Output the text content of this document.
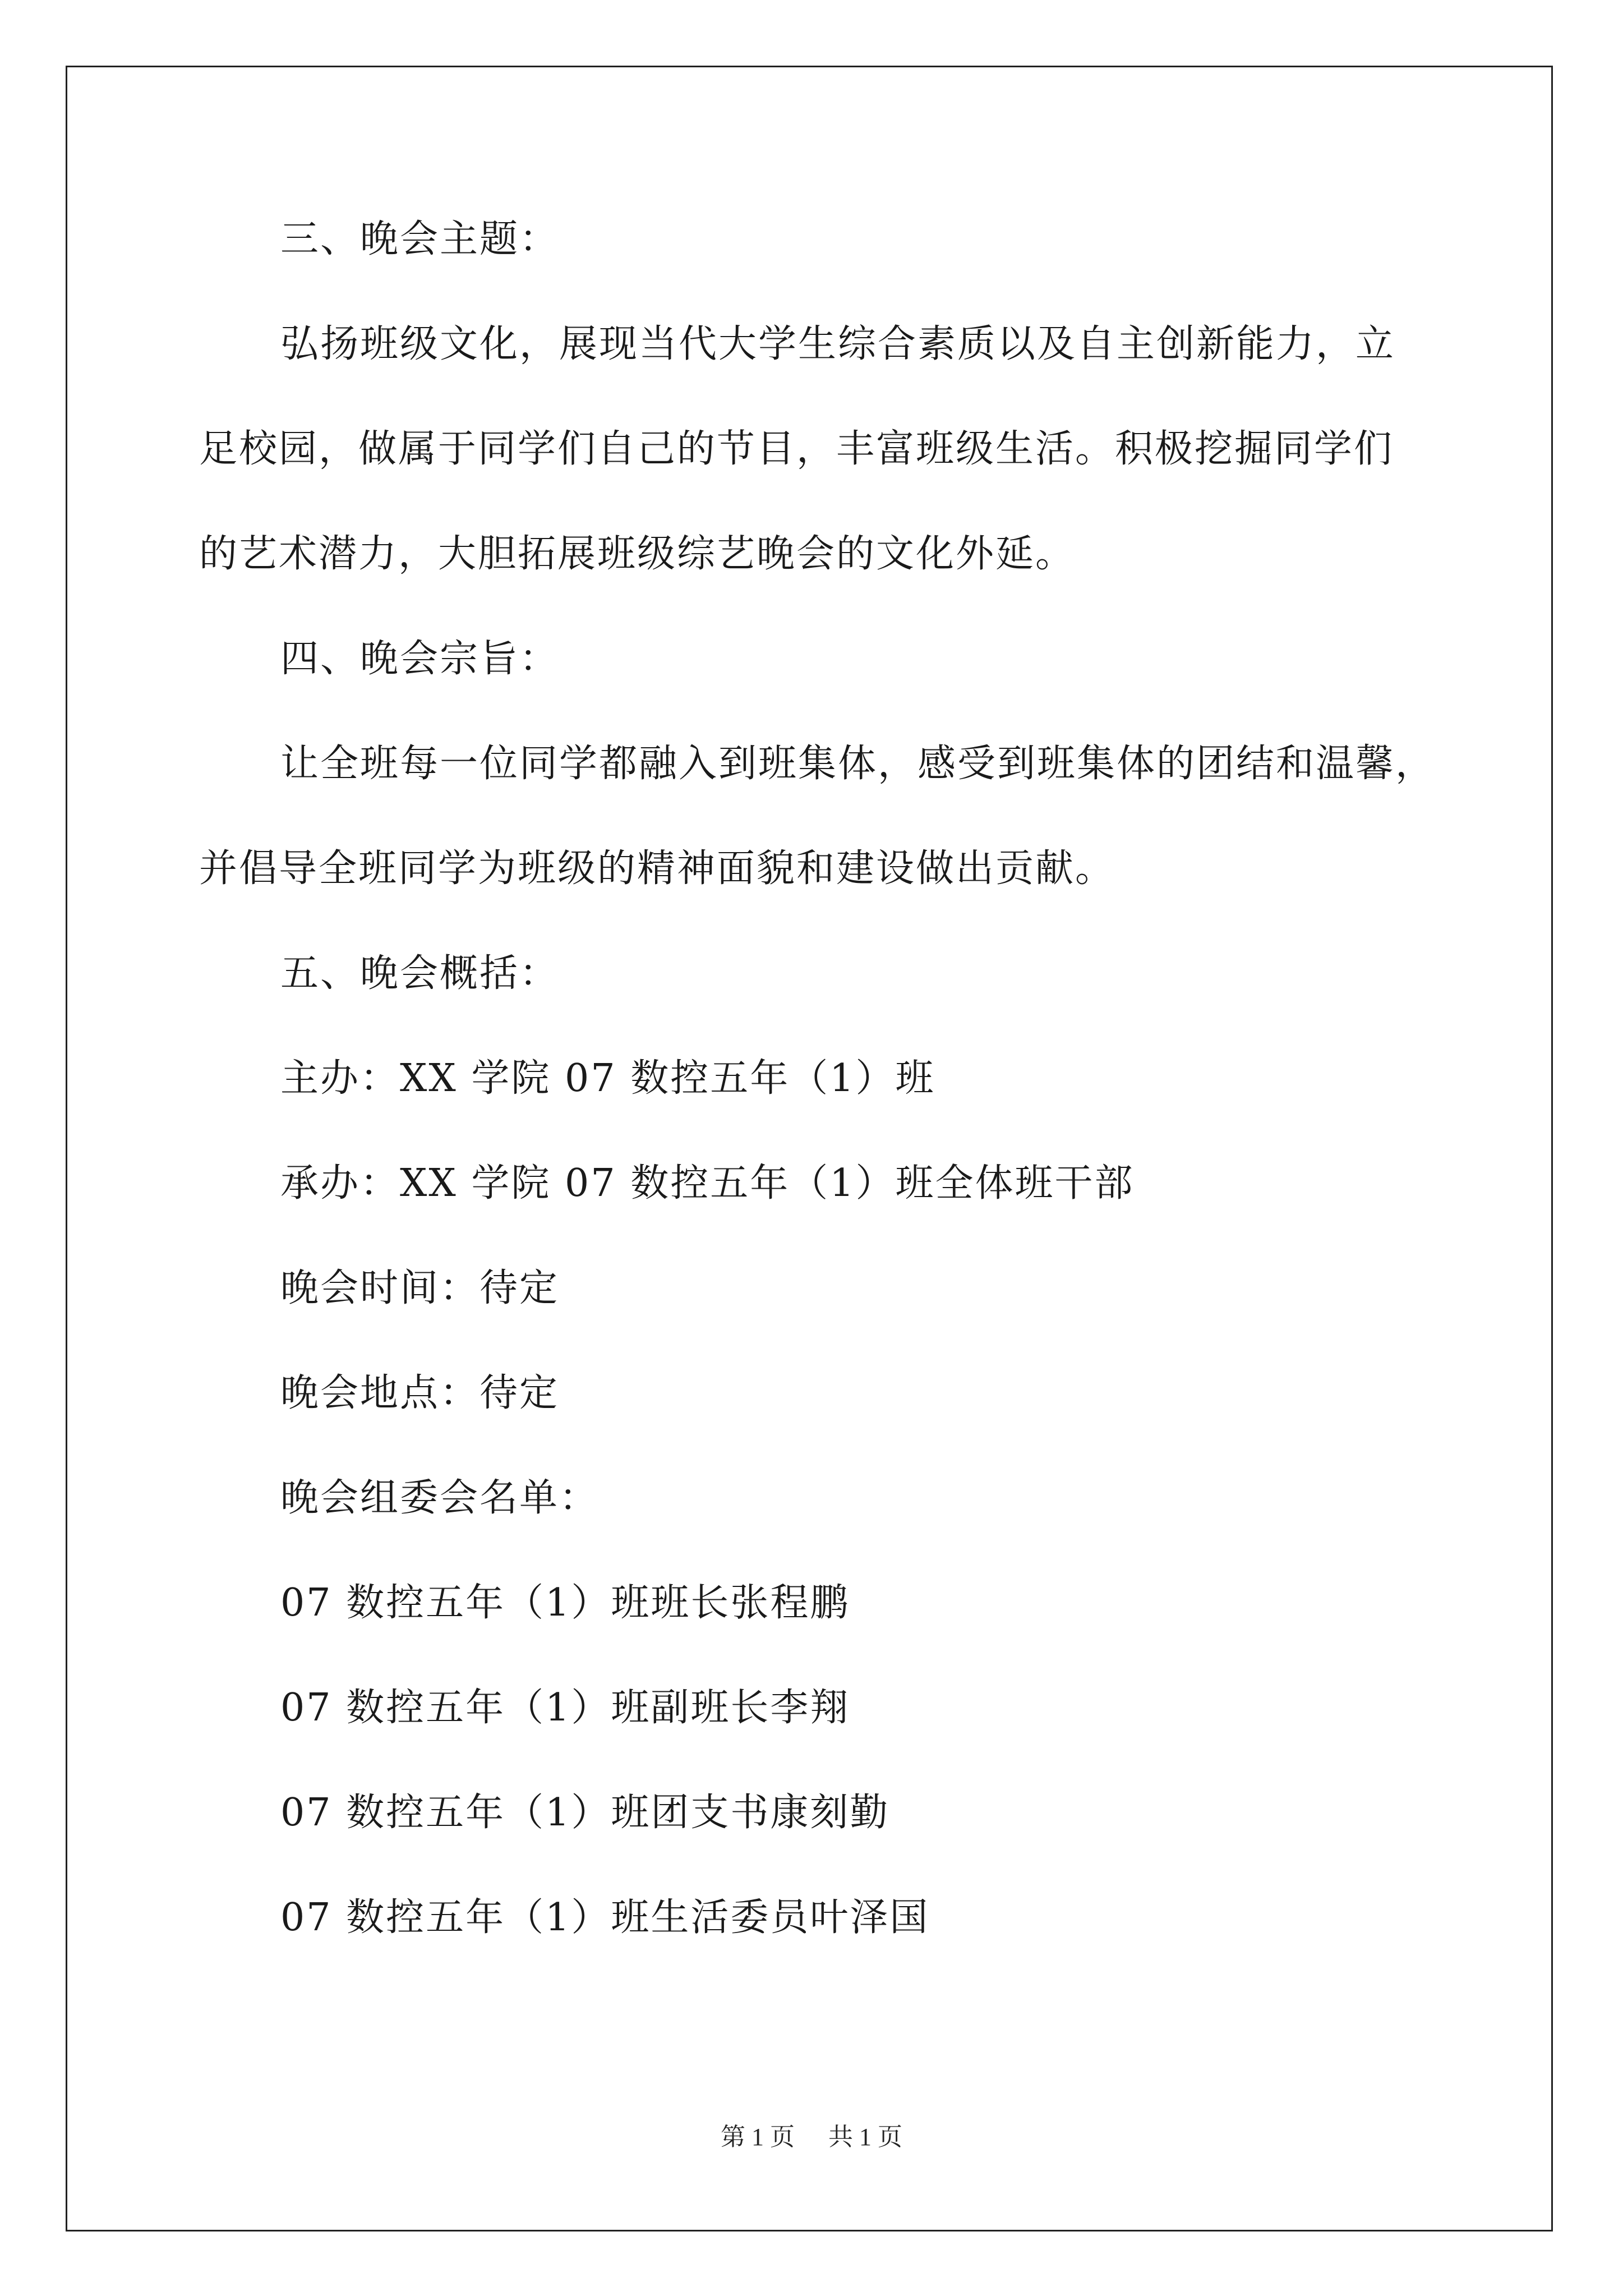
三、晚会主题：
弘扬班级文化，展现当代大学生综合素质以及自主创新能力，立
足校园，做属于同学们自己的节目，丰富班级生活。积极挖掘同学们
的艺术潜力，大胆拓展班级综艺晚会的文化外延。
四、晚会宗旨：
让全班每一位同学都融入到班集体，感受到班集体的团结和温馨，
并倡导全班同学为班级的精神面貌和建设做出贡献。
五、晚会概括：
主办：XX 学院 07 数控五年（1）班
承办：XX 学院 07 数控五年（1）班全体班干部
晚会时间：待定
晚会地点：待定
晚会组委会名单：
07 数控五年（1）班班长张程鹏
07 数控五年（1）班副班长李翔
07 数控五年（1）班团支书康刻勤
07 数控五年（1）班生活委员叶泽国
第 1 页 共 1 页
